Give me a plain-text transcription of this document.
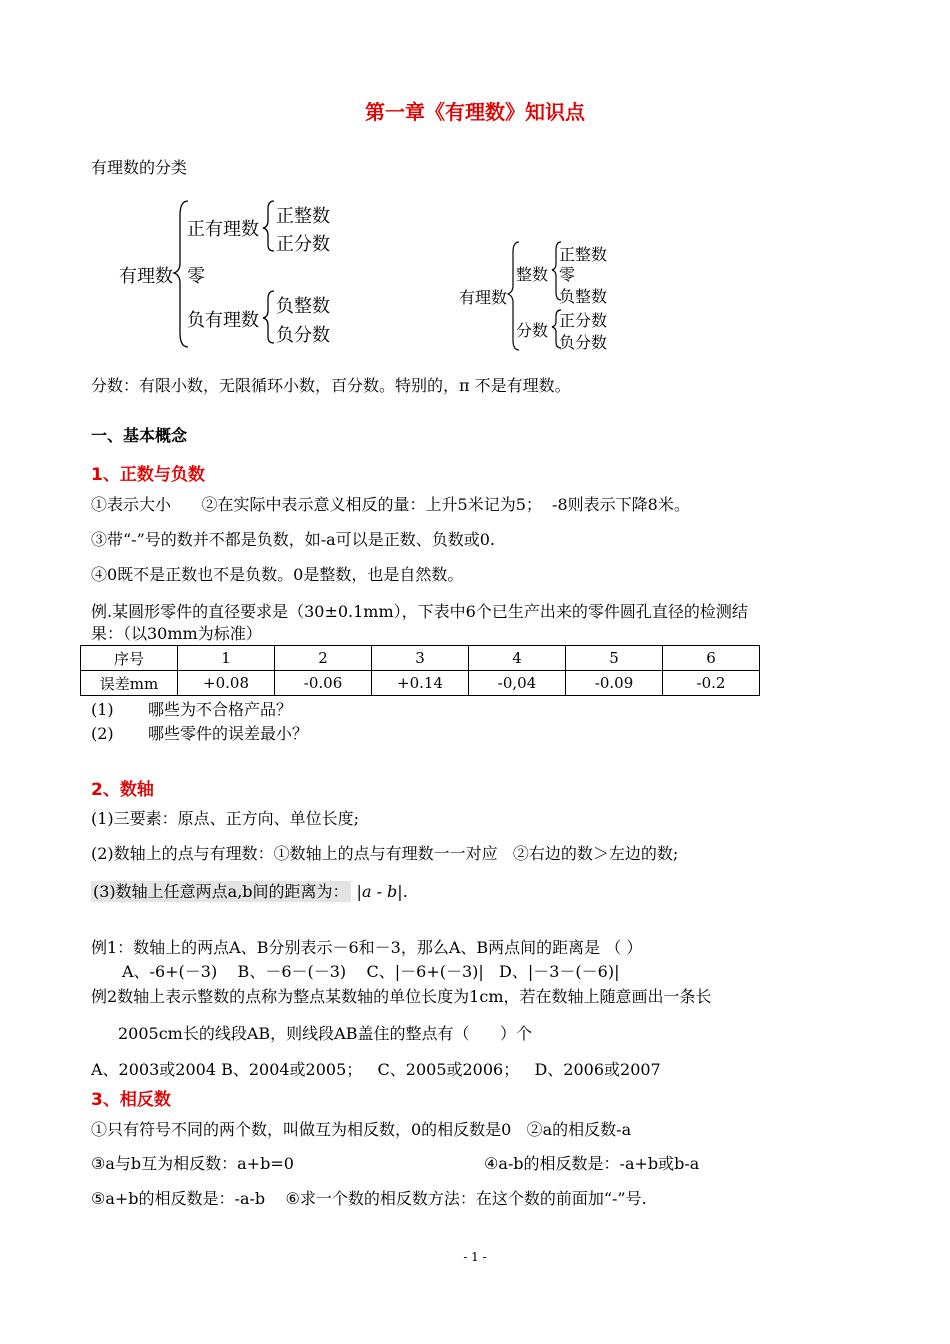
第一章《有理数》知识点
有理数的分类
有理数
正有理数
正整数
正分数
零
负有理数
负整数
负分数
有理数
整数
正整数
零
负整数
分数
正分数
负分数
分数：有限小数，无限循环小数，百分数。特别的，π 不是有理数。
一、基本概念
1、正数与负数
①表示大小      ②在实际中表示意义相反的量：上升5米记为5；  -8则表示下降8米。
③带“-”号的数并不都是负数，如-a可以是正数、负数或0.
④0既不是正数也不是负数。0是整数，也是自然数。
例.某圆形零件的直径要求是（30±0.1mm），下表中6个已生产出来的零件圆孔直径的检测结
果：（以30mm为标准）
序号	1	2	3	4	5	6
误差mm	+0.08	-0.06	+0.14	-0,04	-0.09	-0.2
(1) 哪些为不合格产品？
(2) 哪些零件的误差最小？
2、数轴
(1)三要素：原点、正方向、单位长度;
(2)数轴上的点与有理数：①数轴上的点与有理数一一对应   ②右边的数＞左边的数;
(3)数轴上任意两点a,b间的距离为： |a - b|.
例1：数轴上的两点A、B分别表示－6和－3，那么A、B两点间的距离是 （ ）
A、-6+(－3)    B、－6－(－3)    C、|－6+(－3)|   D、|－3－(－6)|
例2数轴上表示整数的点称为整点某数轴的单位长度为1cm，若在数轴上随意画出一条长
2005cm长的线段AB，则线段AB盖住的整点有（      ）个
A、2003或2004 B、2004或2005；   C、2005或2006；   D、2006或2007
3、相反数
①只有符号不同的两个数，叫做互为相反数，0的相反数是0   ②a的相反数-a
③a与b互为相反数：a+b=0	④a-b的相反数是：-a+b或b-a
⑤a+b的相反数是：-a-b    ⑥求一个数的相反数方法：在这个数的前面加“-”号.
- 1 -
